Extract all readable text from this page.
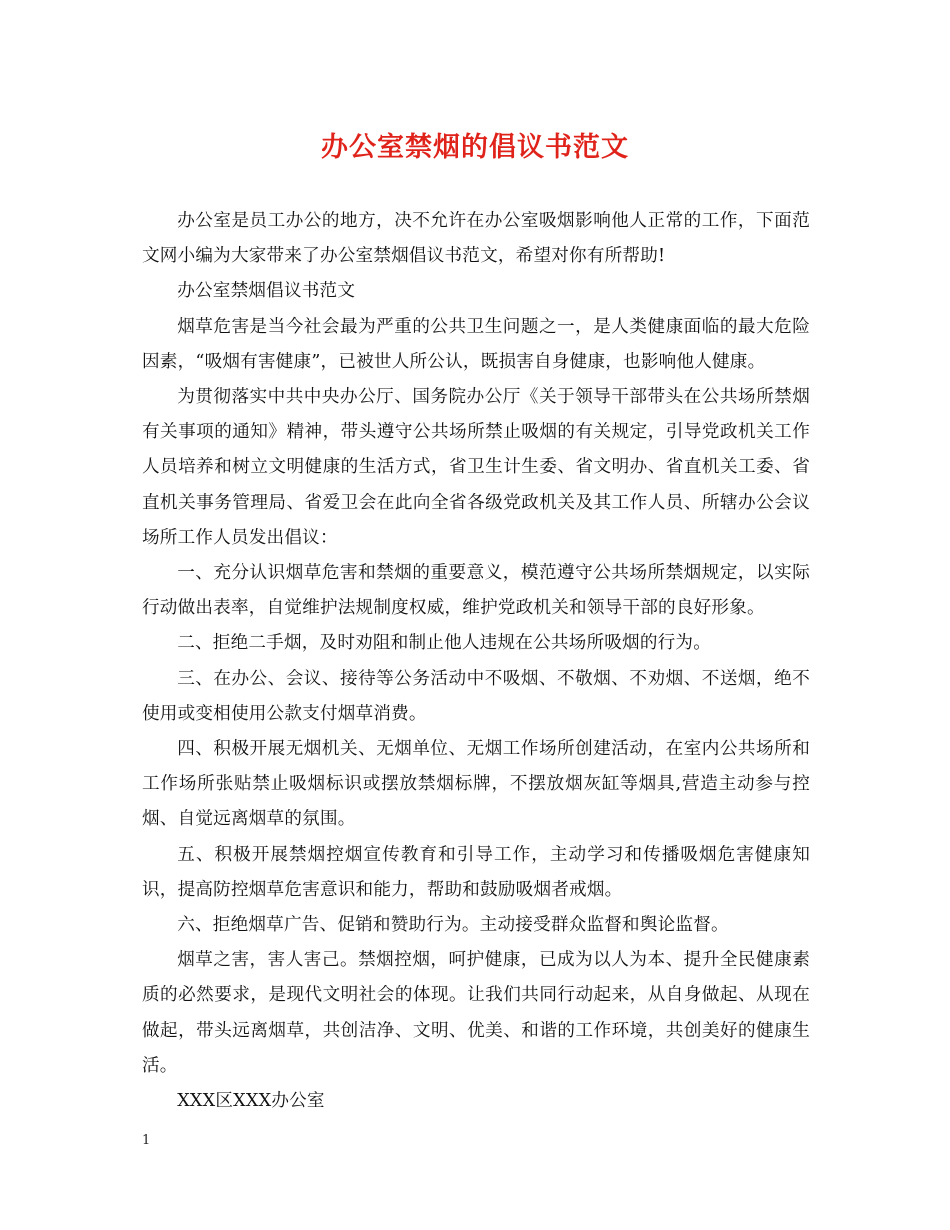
办公室禁烟的倡议书范文

办公室是员工办公的地方，决不允许在办公室吸烟影响他人正常的工作，下面范文网小编为大家带来了办公室禁烟倡议书范文，希望对你有所帮助!

办公室禁烟倡议书范文

烟草危害是当今社会最为严重的公共卫生问题之一，是人类健康面临的最大危险因素，“吸烟有害健康”，已被世人所公认，既损害自身健康，也影响他人健康。

为贯彻落实中共中央办公厅、国务院办公厅《关于领导干部带头在公共场所禁烟有关事项的通知》精神，带头遵守公共场所禁止吸烟的有关规定，引导党政机关工作人员培养和树立文明健康的生活方式，省卫生计生委、省文明办、省直机关工委、省直机关事务管理局、省爱卫会在此向全省各级党政机关及其工作人员、所辖办公会议场所工作人员发出倡议：

一、充分认识烟草危害和禁烟的重要意义，模范遵守公共场所禁烟规定，以实际行动做出表率，自觉维护法规制度权威，维护党政机关和领导干部的良好形象。

二、拒绝二手烟，及时劝阻和制止他人违规在公共场所吸烟的行为。

三、在办公、会议、接待等公务活动中不吸烟、不敬烟、不劝烟、不送烟，绝不使用或变相使用公款支付烟草消费。

四、积极开展无烟机关、无烟单位、无烟工作场所创建活动，在室内公共场所和工作场所张贴禁止吸烟标识或摆放禁烟标牌，不摆放烟灰缸等烟具,营造主动参与控烟、自觉远离烟草的氛围。

五、积极开展禁烟控烟宣传教育和引导工作，主动学习和传播吸烟危害健康知识，提高防控烟草危害意识和能力，帮助和鼓励吸烟者戒烟。

六、拒绝烟草广告、促销和赞助行为。主动接受群众监督和舆论监督。

烟草之害，害人害己。禁烟控烟，呵护健康，已成为以人为本、提升全民健康素质的必然要求，是现代文明社会的体现。让我们共同行动起来，从自身做起、从现在做起，带头远离烟草，共创洁净、文明、优美、和谐的工作环境，共创美好的健康生活。

XXX区XXX办公室

1
